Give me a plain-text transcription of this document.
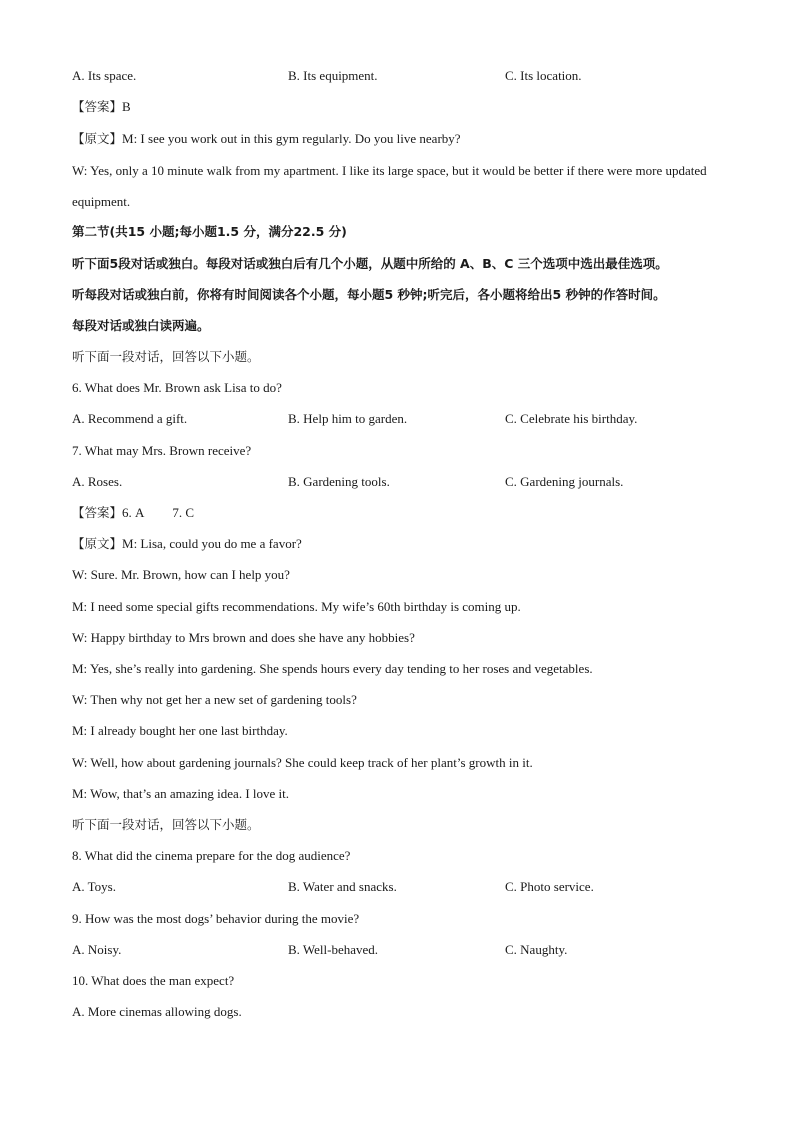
A. Its space.	B. Its equipment.	C. Its location.
【答案】B
【原文】M: I see you work out in this gym regularly. Do you live nearby?
W: Yes, only a 10 minute walk from my apartment. I like its large space, but it would be better if there were more updated equipment.
第二节(共15 小题;每小题1.5 分，满分22.5 分)
听下面5段对话或独白。每段对话或独白后有几个小题，从题中所给的 A、B、C 三个选项中选出最佳选项。
听每段对话或独白前，你将有时间阅读各个小题，每小题5 秒钟;听完后，各小题将给出5 秒钟的作答时间。
每段对话或独白读两遍。
听下面一段对话，回答以下小题。
6. What does Mr. Brown ask Lisa to do?
A. Recommend a gift.	B. Help him to garden.	C. Celebrate his birthday.
7. What may Mrs. Brown receive?
A. Roses.	B. Gardening tools.	C. Gardening journals.
【答案】6. A 7. C
【原文】M: Lisa, could you do me a favor?
W: Sure. Mr. Brown, how can I help you?
M: I need some special gifts recommendations. My wife’s 60th birthday is coming up.
W: Happy birthday to Mrs brown and does she have any hobbies?
M: Yes, she’s really into gardening. She spends hours every day tending to her roses and vegetables.
W: Then why not get her a new set of gardening tools?
M: I already bought her one last birthday.
W: Well, how about gardening journals? She could keep track of her plant’s growth in it.
M: Wow, that’s an amazing idea. I love it.
听下面一段对话，回答以下小题。
8. What did the cinema prepare for the dog audience?
A. Toys.	B. Water and snacks.	C. Photo service.
9. How was the most dogs’ behavior during the movie?
A. Noisy.	B. Well-behaved.	C. Naughty.
10. What does the man expect?
A. More cinemas allowing dogs.
